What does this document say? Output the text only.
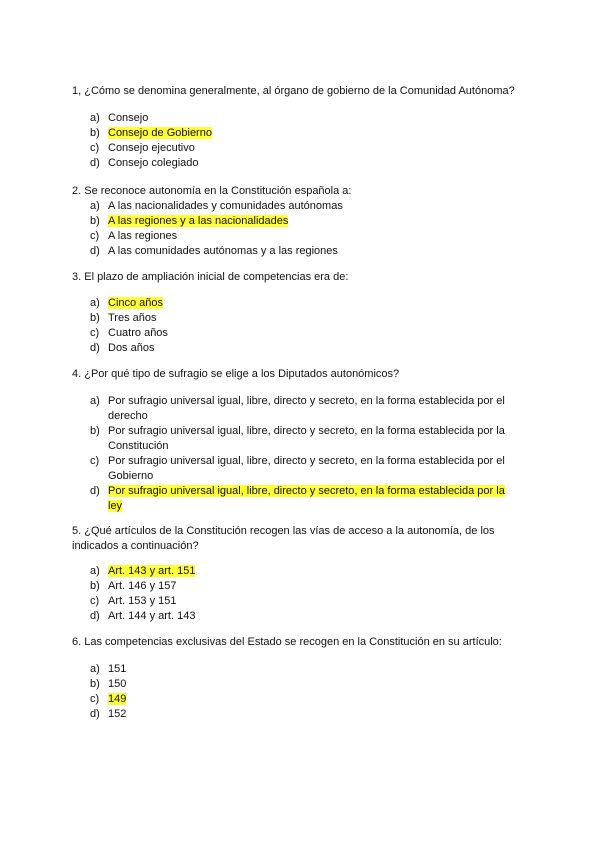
1, ¿Cómo se denomina generalmente, al órgano de gobierno de la Comunidad Autónoma?

a) Consejo
b) Consejo de Gobierno
c) Consejo ejecutivo
d) Consejo colegiado

2. Se reconoce autonomía en la Constitución española a:

a) A las nacionalidades y comunidades autónomas
b) A las regiones y a las nacionalidades
c) A las regiones
d) A las comunidades autónomas y a las regiones

3. El plazo de ampliación inicial de competencias era de:

a) Cinco años
b) Tres años
c) Cuatro años
d) Dos años

4. ¿Por qué tipo de sufragio se elige a los Diputados autonómicos?

a) Por sufragio universal igual, libre, directo y secreto, en la forma establecida por el derecho
b) Por sufragio universal igual, libre, directo y secreto, en la forma establecida por la Constitución
c) Por sufragio universal igual, libre, directo y secreto, en la forma establecida por el Gobierno
d) Por sufragio universal igual, libre, directo y secreto, en la forma establecida por la ley

5. ¿Qué artículos de la Constitución recogen las vías de acceso a la autonomía, de los indicados a continuación?

a) Art. 143 y art. 151
b) Art. 146 y 157
c) Art. 153 y 151
d) Art. 144 y art. 143

6. Las competencias exclusivas del Estado se recogen en la Constitución en su artículo:

a) 151
b) 150
c) 149
d) 152
